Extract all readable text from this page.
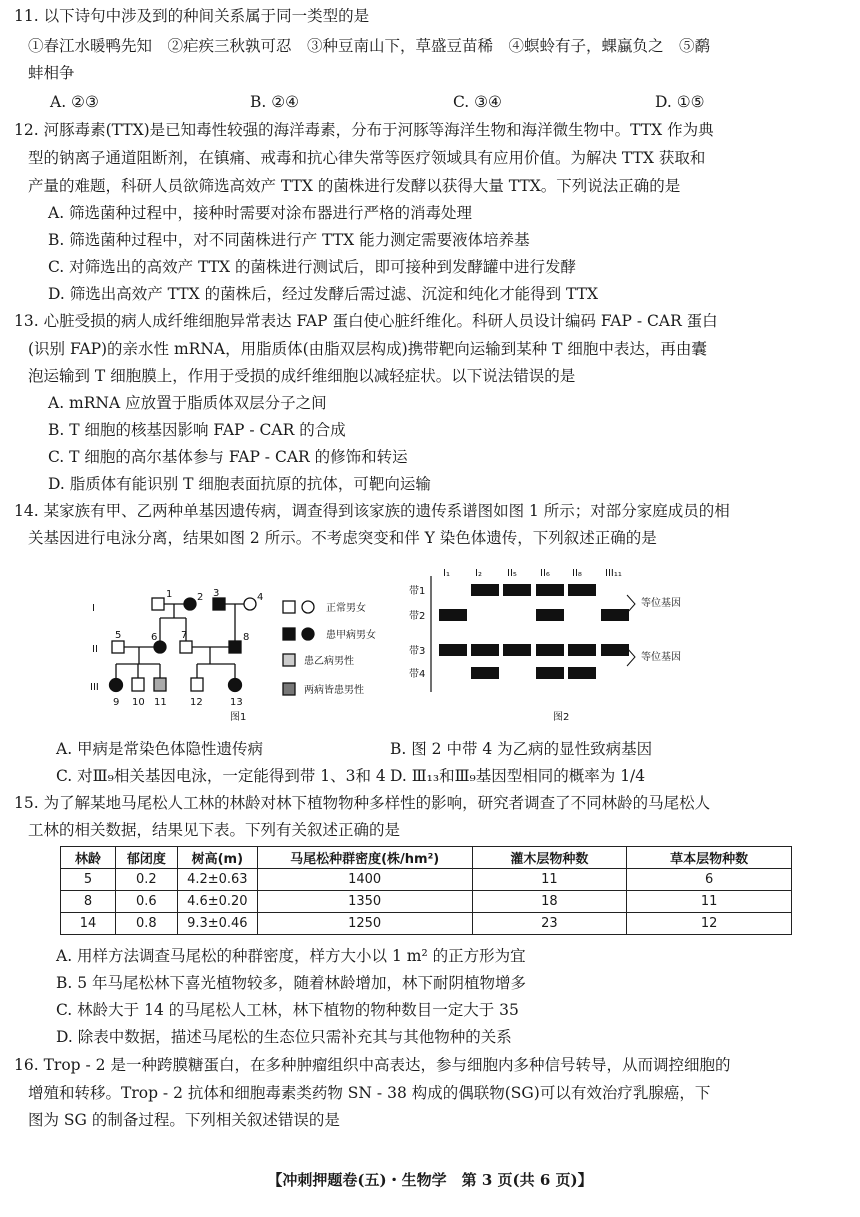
11. 以下诗句中涉及到的种间关系属于同一类型的是
①春江水暖鸭先知　②疟疾三秋孰可忍　③种豆南山下，草盛豆苗稀　④螟蛉有子，蜾蠃负之　⑤鹬
蚌相争
A. ②③	B. ②④	C. ③④	D. ①⑤
12. 河豚毒素(TTX)是已知毒性较强的海洋毒素，分布于河豚等海洋生物和海洋微生物中。TTX 作为典
型的钠离子通道阻断剂，在镇痛、戒毒和抗心律失常等医疗领域具有应用价值。为解决 TTX 获取和
产量的难题，科研人员欲筛选高效产 TTX 的菌株进行发酵以获得大量 TTX。下列说法正确的是
A. 筛选菌种过程中，接种时需要对涂布器进行严格的消毒处理
B. 筛选菌种过程中，对不同菌株进行产 TTX 能力测定需要液体培养基
C. 对筛选出的高效产 TTX 的菌株进行测试后，即可接种到发酵罐中进行发酵
D. 筛选出高效产 TTX 的菌株后，经过发酵后需过滤、沉淀和纯化才能得到 TTX
13. 心脏受损的病人成纤维细胞异常表达 FAP 蛋白使心脏纤维化。科研人员设计编码 FAP - CAR 蛋白
(识别 FAP)的亲水性 mRNA，用脂质体(由脂双层构成)携带靶向运输到某种 T 细胞中表达，再由囊
泡运输到 T 细胞膜上，作用于受损的成纤维细胞以减轻症状。以下说法错误的是
A. mRNA 应放置于脂质体双层分子之间
B. T 细胞的核基因影响 FAP - CAR 的合成
C. T 细胞的高尔基体参与 FAP - CAR 的修饰和转运
D. 脂质体有能识别 T 细胞表面抗原的抗体，可靶向运输
14. 某家族有甲、乙两种单基因遗传病，调查得到该家族的遗传系谱图如图 1 所示；对部分家庭成员的相
关基因进行电泳分离，结果如图 2 所示。不考虑突变和伴 Y 染色体遗传，下列叙述正确的是
I
II
III
1 2 3	4
5	6 7	8
9 10 11 12	13
正常男女
患甲病男女
患乙病男性
两病皆患男性
图1
I₁	I₂	II₅ II₆ II₈ III₁₁
带1
带2
带3
带4
等位基因
等位基因
图2
A. 甲病是常染色体隐性遗传病	B. 图 2 中带 4 为乙病的显性致病基因
C. 对Ⅲ₉相关基因电泳，一定能得到带 1、3和 4 D. Ⅲ₁₃和Ⅲ₉基因型相同的概率为 1/4
15. 为了解某地马尾松人工林的林龄对林下植物物种多样性的影响，研究者调查了不同林龄的马尾松人
工林的相关数据，结果见下表。下列有关叙述正确的是
林龄	郁闭度	树高(m)	马尾松种群密度(株/hm²)	灌木层物种数	草本层物种数
5	0.2	4.2±0.63	1400	11	6
8	0.6	4.6±0.20	1350	18	11
14	0.8	9.3±0.46	1250	23	12
A. 用样方法调查马尾松的种群密度，样方大小以 1 m² 的正方形为宜
B. 5 年马尾松林下喜光植物较多，随着林龄增加，林下耐阴植物增多
C. 林龄大于 14 的马尾松人工林，林下植物的物种数目一定大于 35
D. 除表中数据，描述马尾松的生态位只需补充其与其他物种的关系
16. Trop - 2 是一种跨膜糖蛋白，在多种肿瘤组织中高表达，参与细胞内多种信号转导，从而调控细胞的
增殖和转移。Trop - 2 抗体和细胞毒素类药物 SN - 38 构成的偶联物(SG)可以有效治疗乳腺癌，下
图为 SG 的制备过程。下列相关叙述错误的是
【冲刺押题卷(五)・生物学　第 3 页(共 6 页)】
